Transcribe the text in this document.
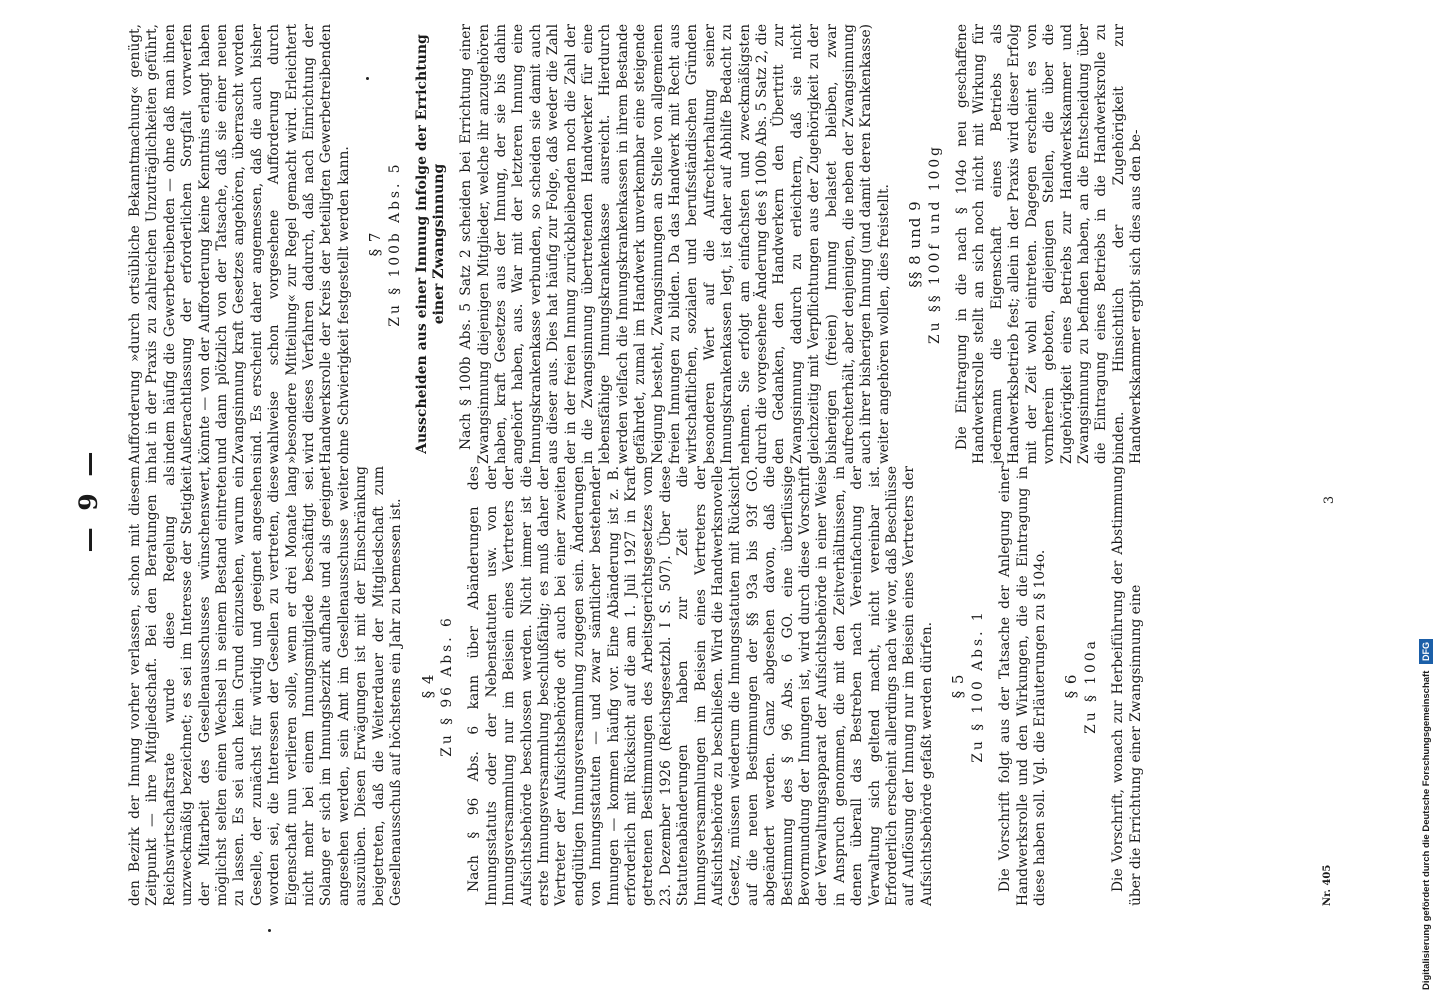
— 9 — den Bezirk der Innung vorher verlassen, schon mit diesem Zeitpunkt — ihre Mitgliedschaft. Bei den Beratungen im Reichswirtschaftsrate wurde diese Regelung als unzweckmäßig bezeichnet; es sei im Interesse der Stetigkeit der Mitarbeit des Gesellenausschusses wünschenswert, möglichst selten einen Wechsel in seinem Bestand eintreten zu lassen. Es sei auch kein Grund einzusehen, warum ein Geselle, der zunächst für würdig und geeignet angesehen worden sei, die Interessen der Gesellen zu vertreten, diese Eigenschaft nun verlieren solle, wenn er drei Monate lang nicht mehr bei einem Innungsmitgliede beschäftigt sei. Solange er sich im Innungsbezirk aufhalte und als geeignet angesehen werden, sein Amt im Gesellenausschusse weiter auszuüben. Diesen Erwägungen ist mit der Einschränkung beigetreten, daß die Weiterdauer der Mitgliedschaft zum Gesellenausschuß auf höchstens ein Jahr zu bemessen ist. § 4 Zu § 96 Abs. 6 Nach § 96 Abs. 6 kann über Abänderungen des Innungsstatuts oder der Nebenstatuten usw. von der Innungsversammlung nur im Beisein eines Vertreters der Aufsichtsbehörde beschlossen werden. Nicht immer ist die erste Innungsversammlung beschlußfähig; es muß daher der Vertreter der Aufsichtsbehörde oft auch bei einer zweiten endgültigen Innungsversammlung zugegen sein. Änderungen von Innungsstatuten — und zwar sämtlicher bestehender Innungen — kommen häufig vor. Eine Abänderung ist z. B. erforderlich mit Rücksicht auf die am 1. Juli 1927 in Kraft getretenen Bestimmungen des Arbeitsgerichtsgesetzes vom 23. Dezember 1926 (Reichsgesetzbl. I S. 507). Über diese Statutenabänderungen haben zur Zeit die Innungsversammlungen im Beisein eines Vertreters der Aufsichtsbehörde zu beschließen. Wird die Handwerksnovelle Gesetz, müssen wiederum die Innungsstatuten mit Rücksicht auf die neuen Bestimmungen der §§ 93a bis 93f GO. abgeändert werden. Ganz abgesehen davon, daß die Bestimmung des § 96 Abs. 6 GO. eine überflüssige Bevormundung der Innungen ist, wird durch diese Vorschrift der Verwaltungsapparat der Aufsichtsbehörde in einer Weise in Anspruch genommen, die mit den Zeitverhältnissen, in denen überall das Bestreben nach Vereinfachung der Verwaltung sich geltend macht, nicht vereinbar ist. Erforderlich erscheint allerdings nach wie vor, daß Beschlüsse auf Auflösung der Innung nur im Beisein eines Vertreters der Aufsichtsbehörde gefaßt werden dürfen. § 5 Zu § 100 Abs. 1 Die Vorschrift folgt aus der Tatsache der Anlegung einer Handwerksrolle und den Wirkungen, die die Eintragung in diese haben soll. Vgl. die Erläuterungen zu § 104o. § 6 Zu § 100a Die Vorschrift, wonach zur Herbeiführung der Abstimmung über die Errichtung einer Zwangsinnung eine

Aufforderung »durch ortsübliche Bekanntmachung« genügt, hat in der Praxis zu zahlreichen Unzuträglichkeiten geführt, indem häufig die Gewerbetreibenden — ohne daß man ihnen Außerachtlassung der erforderlichen Sorgfalt vorwerfen könnte — von der Aufforderung keine Kenntnis erlangt haben und dann plötzlich von der Tatsache, daß sie einer neuen Zwangsinnung kraft Gesetzes angehören, überrascht worden sind. Es erscheint daher angemessen, daß die auch bisher wahlweise schon vorgesehene Aufforderung durch »besondere Mitteilung« zur Regel gemacht wird. Erleichtert wird dieses Verfahren dadurch, daß nach Einrichtung der Handwerksrolle der Kreis der beteiligten Gewerbetreibenden ohne Schwierigkeit festgestellt werden kann. § 7 Zu § 100b Abs. 5 Ausscheiden aus einer Innung infolge der Errichtung einer Zwangsinnung Nach § 100b Abs. 5 Satz 2 scheiden bei Errichtung einer Zwangsinnung diejenigen Mitglieder, welche ihr anzugehören haben, kraft Gesetzes aus der Innung, der sie bis dahin angehört haben, aus. War mit der letzteren Innung eine Innungskrankenkasse verbunden, so scheiden sie damit auch aus dieser aus. Dies hat häufig zur Folge, daß weder die Zahl der in der freien Innung zurückbleibenden noch die Zahl der in die Zwangsinnung übertretenden Handwerker für eine lebensfähige Innungskrankenkasse ausreicht. Hierdurch werden vielfach die Innungskrankenkassen in ihrem Bestande gefährdet, zumal im Handwerk unverkennbar eine steigende Neigung besteht, Zwangsinnungen an Stelle von allgemeinen freien Innungen zu bilden. Da das Handwerk mit Recht aus wirtschaftlichen, sozialen und berufsständischen Gründen besonderen Wert auf die Aufrechterhaltung seiner Innungskrankenkassen legt, ist daher auf Abhilfe Bedacht zu nehmen. Sie erfolgt am einfachsten und zweckmäßigsten durch die vorgesehene Änderung des § 100b Abs. 5 Satz 2, die den Gedanken, den Handwerkern den Übertritt zur Zwangsinnung dadurch zu erleichtern, daß sie nicht gleichzeitig mit Verpflichtungen aus der Zugehörigkeit zu der bisherigen (freien) Innung belastet bleiben, zwar aufrechterhält, aber denjenigen, die neben der Zwangsinnung auch ihrer bisherigen Innung (und damit deren Krankenkasse) weiter angehören wollen, dies freistellt. §§ 8 und 9 Zu §§ 100f und 100g Die Eintragung in die nach § 104o neu geschaffene Handwerksrolle stellt an sich noch nicht mit Wirkung für jedermann die Eigenschaft eines Betriebs als Handwerksbetrieb fest; allein in der Praxis wird dieser Erfolg mit der Zeit wohl eintreten. Dagegen erscheint es von vornherein geboten, diejenigen Stellen, die über die Zugehörigkeit eines Betriebs zur Handwerkskammer und Zwangsinnung zu befinden haben, an die Entscheidung über die Eintragung eines Betriebs in die Handwerksrolle zu binden. Hinsichtlich der Zugehörigkeit zur Handwerkskammer ergibt sich dies aus den be-

Nr. 405
3
Digitalisierung gefördert durch die Deutsche Forschungsgemeinschaft DFG
